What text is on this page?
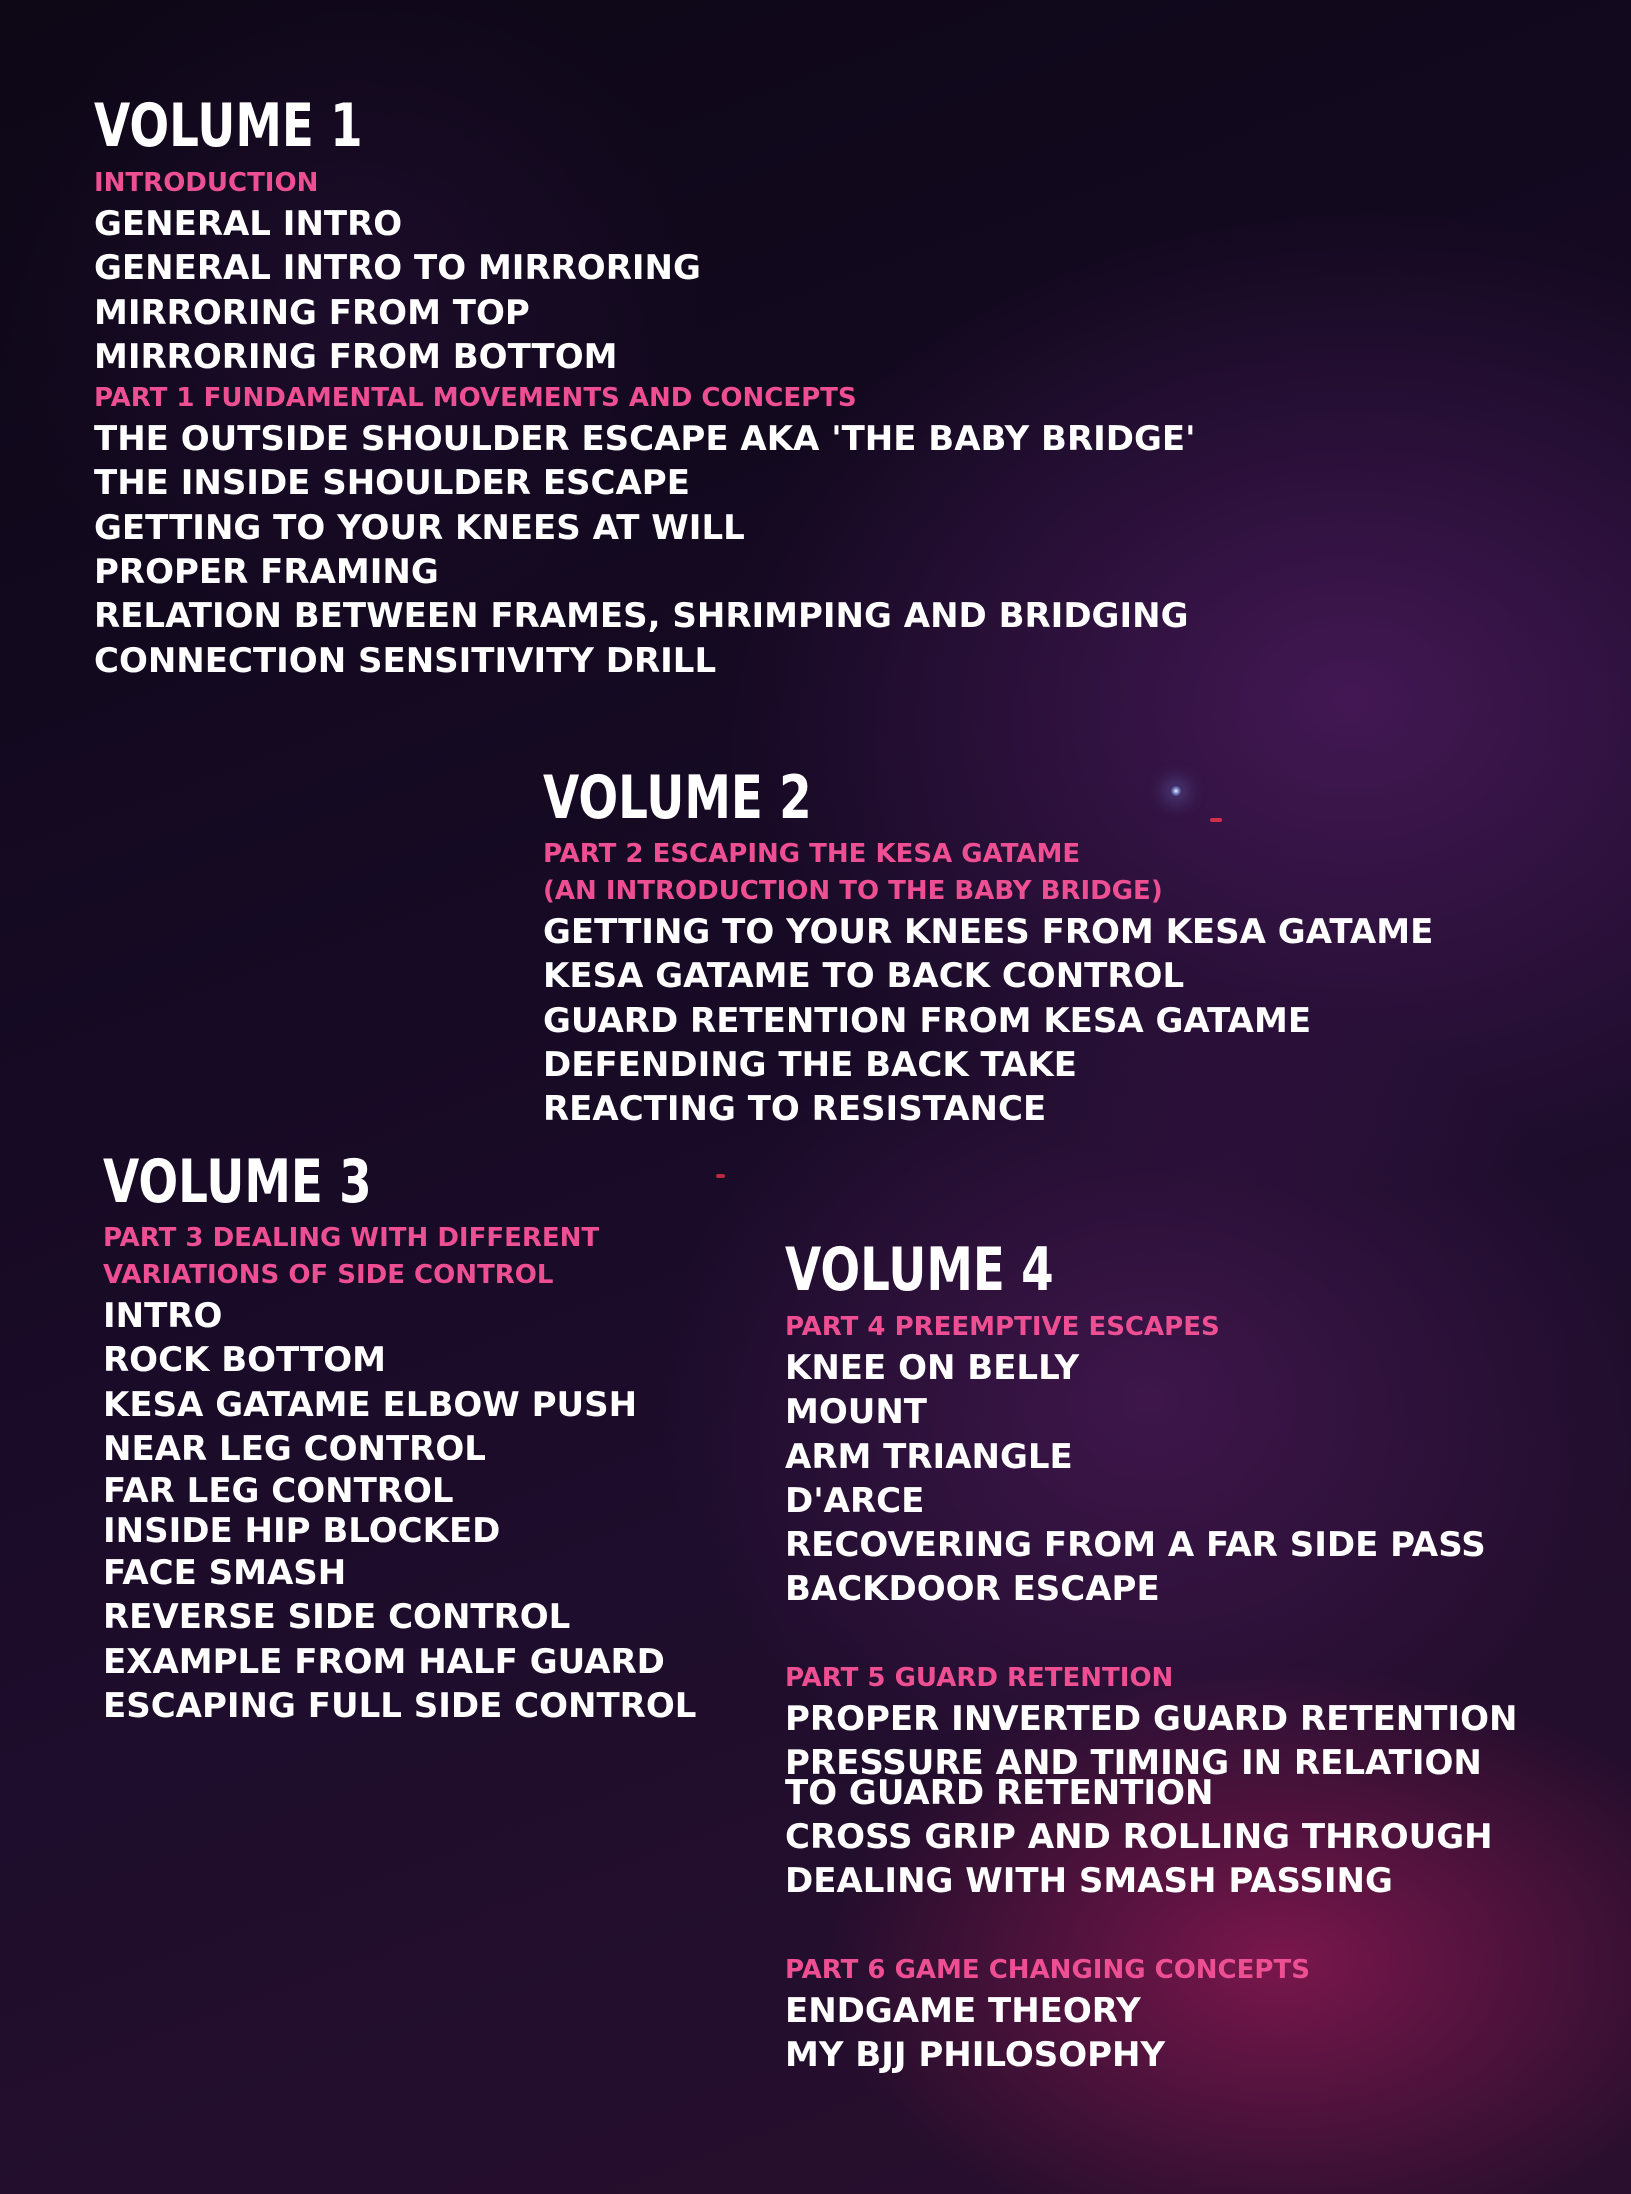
VOLUME 1

INTRODUCTION

GENERAL INTRO
GENERAL INTRO TO MIRRORING
MIRRORING FROM TOP
MIRRORING FROM BOTTOM

PART 1 FUNDAMENTAL MOVEMENTS AND CONCEPTS

THE OUTSIDE SHOULDER ESCAPE AKA 'THE BABY BRIDGE'
THE INSIDE SHOULDER ESCAPE
GETTING TO YOUR KNEES AT WILL
PROPER FRAMING
RELATION BETWEEN FRAMES, SHRIMPING AND BRIDGING
CONNECTION SENSITIVITY DRILL
VOLUME 2

PART 2 ESCAPING THE KESA GATAME

(AN INTRODUCTION TO THE BABY BRIDGE)

GETTING TO YOUR KNEES FROM KESA GATAME
KESA GATAME TO BACK CONTROL
GUARD RETENTION FROM KESA GATAME
DEFENDING THE BACK TAKE
REACTING TO RESISTANCE
VOLUME 3

PART 3 DEALING WITH DIFFERENT

VARIATIONS OF SIDE CONTROL

INTRO
ROCK BOTTOM
KESA GATAME ELBOW PUSH
NEAR LEG CONTROL
FAR LEG CONTROL
INSIDE HIP BLOCKED
FACE SMASH
REVERSE SIDE CONTROL
EXAMPLE FROM HALF GUARD
ESCAPING FULL SIDE CONTROL
VOLUME 4

PART 4 PREEMPTIVE ESCAPES

KNEE ON BELLY
MOUNT
ARM TRIANGLE
D'ARCE
RECOVERING FROM A FAR SIDE PASS
BACKDOOR ESCAPE

PART 5 GUARD RETENTION

PROPER INVERTED GUARD RETENTION
PRESSURE AND TIMING IN RELATION
TO GUARD RETENTION
CROSS GRIP AND ROLLING THROUGH
DEALING WITH SMASH PASSING

PART 6 GAME CHANGING CONCEPTS

ENDGAME THEORY
MY BJJ PHILOSOPHY
